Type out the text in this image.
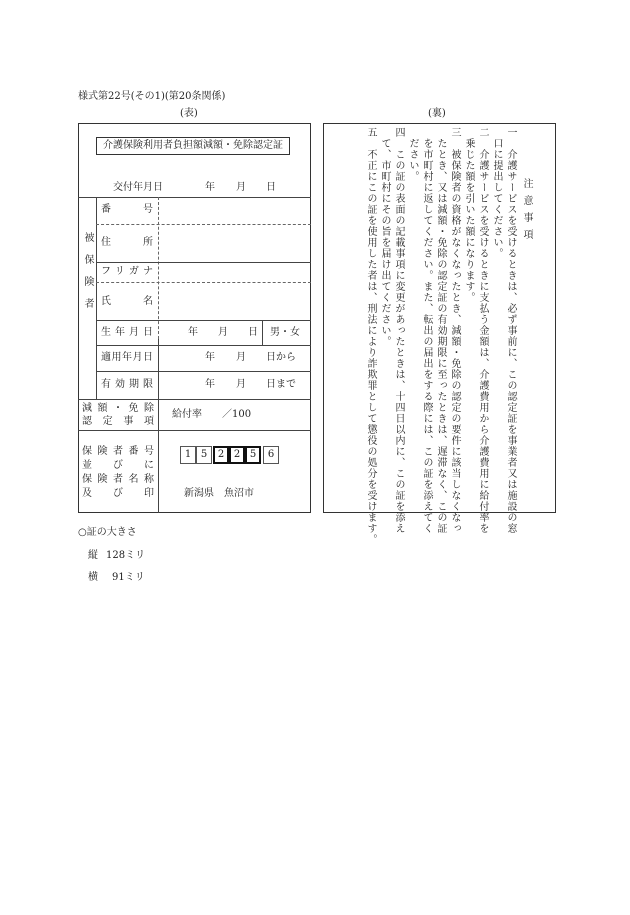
様式第22号(その1)(第20条関係)
(表)	(裏)
介護保険利用者負担額減額・免除認定証
交付年月日	年 月 日
被保険者
番号
住所
フリガナ
氏名
生年月日	年 月 日 男・女
適用年月日	年 月 日から
有効期限	年 月 日まで
減額・免除
認定事項
給付率　　／100
保険者番号
並びに
保険者名称
及び印
1 5	2 2 5	6
新潟県　魚沼市
注意事項
一　介護サービスを受けるときは、必ず事前に、この認定証を事業者又は施設の窓
　口に提出してください。
二　介護サービスを受けるときに支払う金額は、介護費用から介護費用に給付率を
　乗じた額を引いた額になります。
三　被保険者の資格がなくなったとき、減額・免除の認定の要件に該当しなくなっ
　たとき、又は減額・免除の認定証の有効期限に至ったときは、遅滞なく、この証
　を市町村に返してください。また、転出の届出をする際には、この証を添えてく
　ださい。
四　この証の表面の記載事項に変更があったときは、十四日以内に、この証を添え
　て、市町村にその旨を届け出てください。
五　不正にこの証を使用した者は、刑法により詐欺罪として懲役の処分を受けます。
○証の大きさ
縦 128ミリ
横 91ミリ
